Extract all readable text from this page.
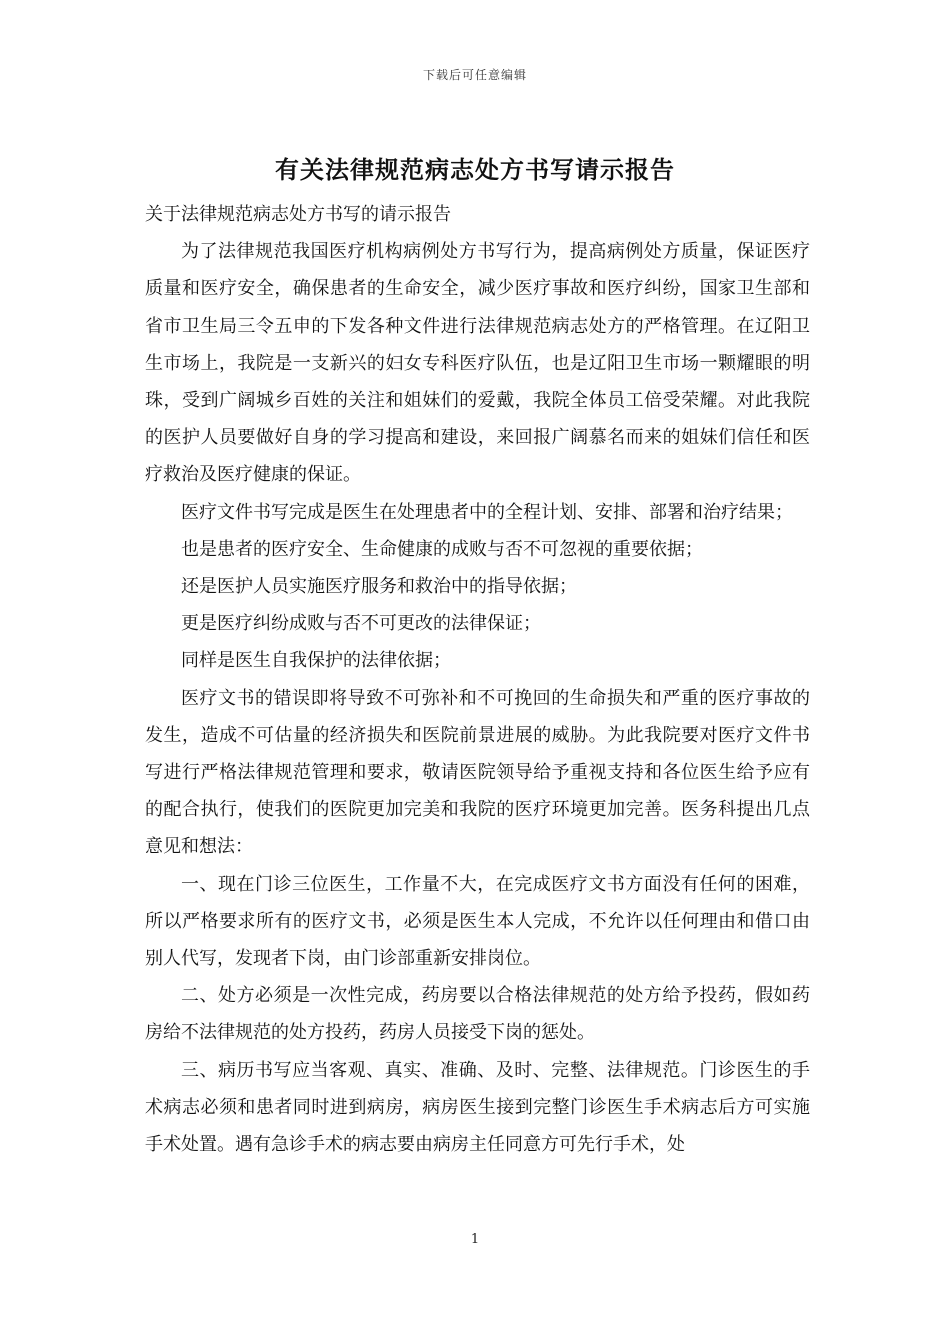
下载后可任意编辑
有关法律规范病志处方书写请示报告

关于法律规范病志处方书写的请示报告

为了法律规范我国医疗机构病例处方书写行为，提高病例处方质量，保证医疗质量和医疗安全，确保患者的生命安全，减少医疗事故和医疗纠纷，国家卫生部和省市卫生局三令五申的下发各种文件进行法律规范病志处方的严格管理。在辽阳卫生市场上，我院是一支新兴的妇女专科医疗队伍，也是辽阳卫生市场一颗耀眼的明珠，受到广阔城乡百姓的关注和姐妹们的爱戴，我院全体员工倍受荣耀。对此我院的医护人员要做好自身的学习提高和建设，来回报广阔慕名而来的姐妹们信任和医疗救治及医疗健康的保证。

医疗文件书写完成是医生在处理患者中的全程计划、安排、部署和治疗结果；

也是患者的医疗安全、生命健康的成败与否不可忽视的重要依据；

还是医护人员实施医疗服务和救治中的指导依据；

更是医疗纠纷成败与否不可更改的法律保证；

同样是医生自我保护的法律依据；

医疗文书的错误即将导致不可弥补和不可挽回的生命损失和严重的医疗事故的发生，造成不可估量的经济损失和医院前景进展的威胁。为此我院要对医疗文件书写进行严格法律规范管理和要求，敬请医院领导给予重视支持和各位医生给予应有的配合执行，使我们的医院更加完美和我院的医疗环境更加完善。医务科提出几点意见和想法：

一、现在门诊三位医生，工作量不大，在完成医疗文书方面没有任何的困难，所以严格要求所有的医疗文书，必须是医生本人完成，不允许以任何理由和借口由别人代写，发现者下岗，由门诊部重新安排岗位。

二、处方必须是一次性完成，药房要以合格法律规范的处方给予投药，假如药房给不法律规范的处方投药，药房人员接受下岗的惩处。

三、病历书写应当客观、真实、准确、及时、完整、法律规范。门诊医生的手术病志必须和患者同时进到病房，病房医生接到完整门诊医生手术病志后方可实施手术处置。遇有急诊手术的病志要由病房主任同意方可先行手术，处

1
